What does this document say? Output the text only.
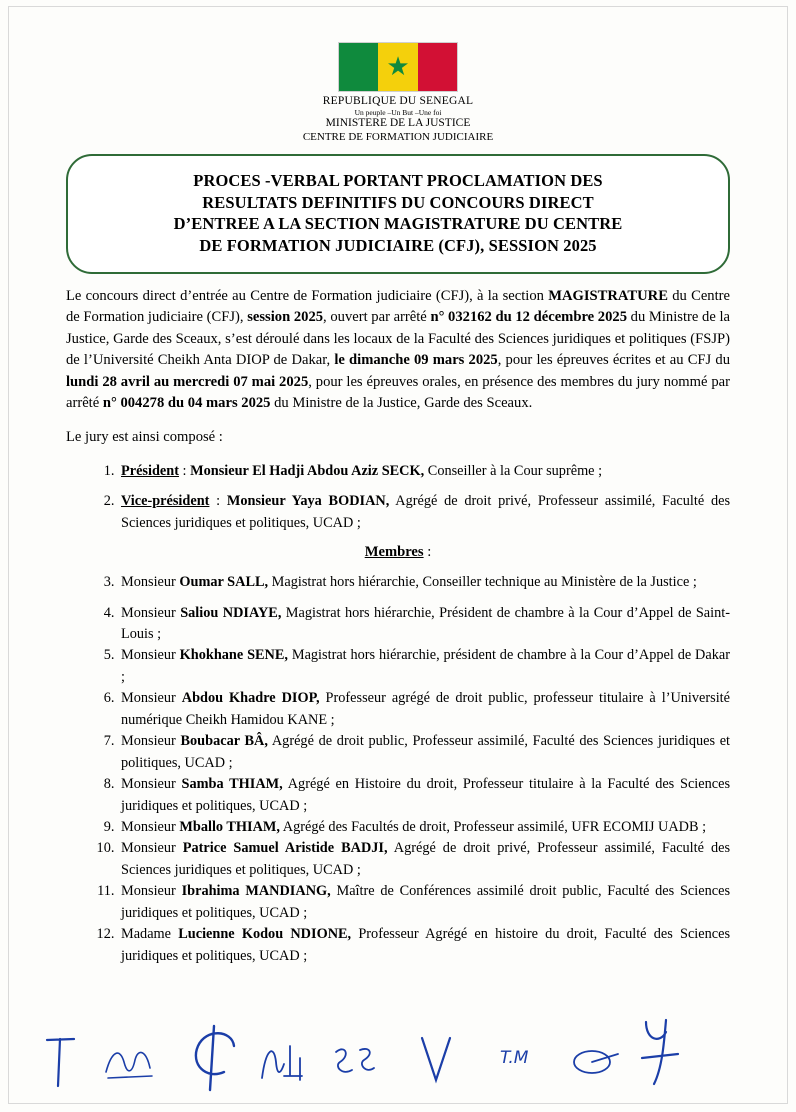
★
REPUBLIQUE DU SENEGAL
Un peuple –Un But –Une foi
MINISTERE DE LA JUSTICE
CENTRE DE FORMATION JUDICIAIRE
PROCES -VERBAL PORTANT PROCLAMATION DES
RESULTATS DEFINITIFS DU CONCOURS DIRECT
D’ENTREE A LA SECTION MAGISTRATURE DU CENTRE
DE FORMATION JUDICIAIRE (CFJ), SESSION 2025

Le concours direct d’entrée au Centre de Formation judiciaire (CFJ), à la section MAGISTRATURE du Centre de Formation judiciaire (CFJ), session 2025, ouvert par arrêté n° 032162 du 12 décembre 2025 du Ministre de la Justice, Garde des Sceaux, s’est déroulé dans les locaux de la Faculté des Sciences juridiques et politiques (FSJP) de l’Université Cheikh Anta DIOP de Dakar, le dimanche 09 mars 2025, pour les épreuves écrites et au CFJ du lundi 28 avril au mercredi 07 mai 2025, pour les épreuves orales, en présence des membres du jury nommé par arrêté n° 004278 du 04 mars 2025 du Ministre de la Justice, Garde des Sceaux.

Le jury est ainsi composé :

1. Président : Monsieur El Hadji Abdou Aziz SECK, Conseiller à la Cour suprême ;
2. Vice-président : Monsieur Yaya BODIAN, Agrégé de droit privé, Professeur assimilé, Faculté des Sciences juridiques et politiques, UCAD ;
Membres :
3. Monsieur Oumar SALL, Magistrat hors hiérarchie, Conseiller technique au Ministère de la Justice ;
4. Monsieur Saliou NDIAYE, Magistrat hors hiérarchie, Président de chambre à la Cour d’Appel de Saint-Louis ;
5. Monsieur Khokhane SENE, Magistrat hors hiérarchie, président de chambre à la Cour d’Appel de Dakar ;
6. Monsieur Abdou Khadre DIOP, Professeur agrégé de droit public, professeur titulaire à l’Université numérique Cheikh Hamidou KANE ;
7. Monsieur Boubacar BÂ, Agrégé de droit public, Professeur assimilé, Faculté des Sciences juridiques et politiques, UCAD ;
8. Monsieur Samba THIAM, Agrégé en Histoire du droit, Professeur titulaire à la Faculté des Sciences juridiques et politiques, UCAD ;
9. Monsieur Mballo THIAM, Agrégé des Facultés de droit, Professeur assimilé, UFR ECOMIJ UADB ;
10. Monsieur Patrice Samuel Aristide BADJI, Agrégé de droit privé, Professeur assimilé, Faculté des Sciences juridiques et politiques, UCAD ;
11. Monsieur Ibrahima MANDIANG, Maître de Conférences assimilé droit public, Faculté des Sciences juridiques et politiques, UCAD ;
12. Madame Lucienne Kodou NDIONE, Professeur Agrégé en histoire du droit, Faculté des Sciences juridiques et politiques, UCAD ;
T.M
